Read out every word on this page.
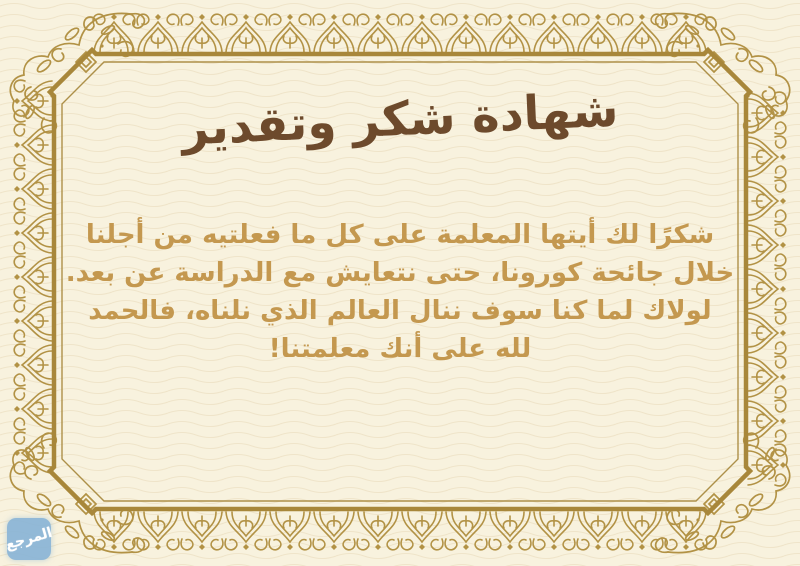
شهادة شكر وتقدير
شكرًا لك أيتها المعلمة على كل ما فعلتيه من أجلنا
خلال جائحة كورونا، حتى نتعايش مع الدراسة عن بعد.
لولاك لما كنا سوف ننال العالم الذي نلناه، فالحمد
لله على أنك معلمتنا!
المرجع
